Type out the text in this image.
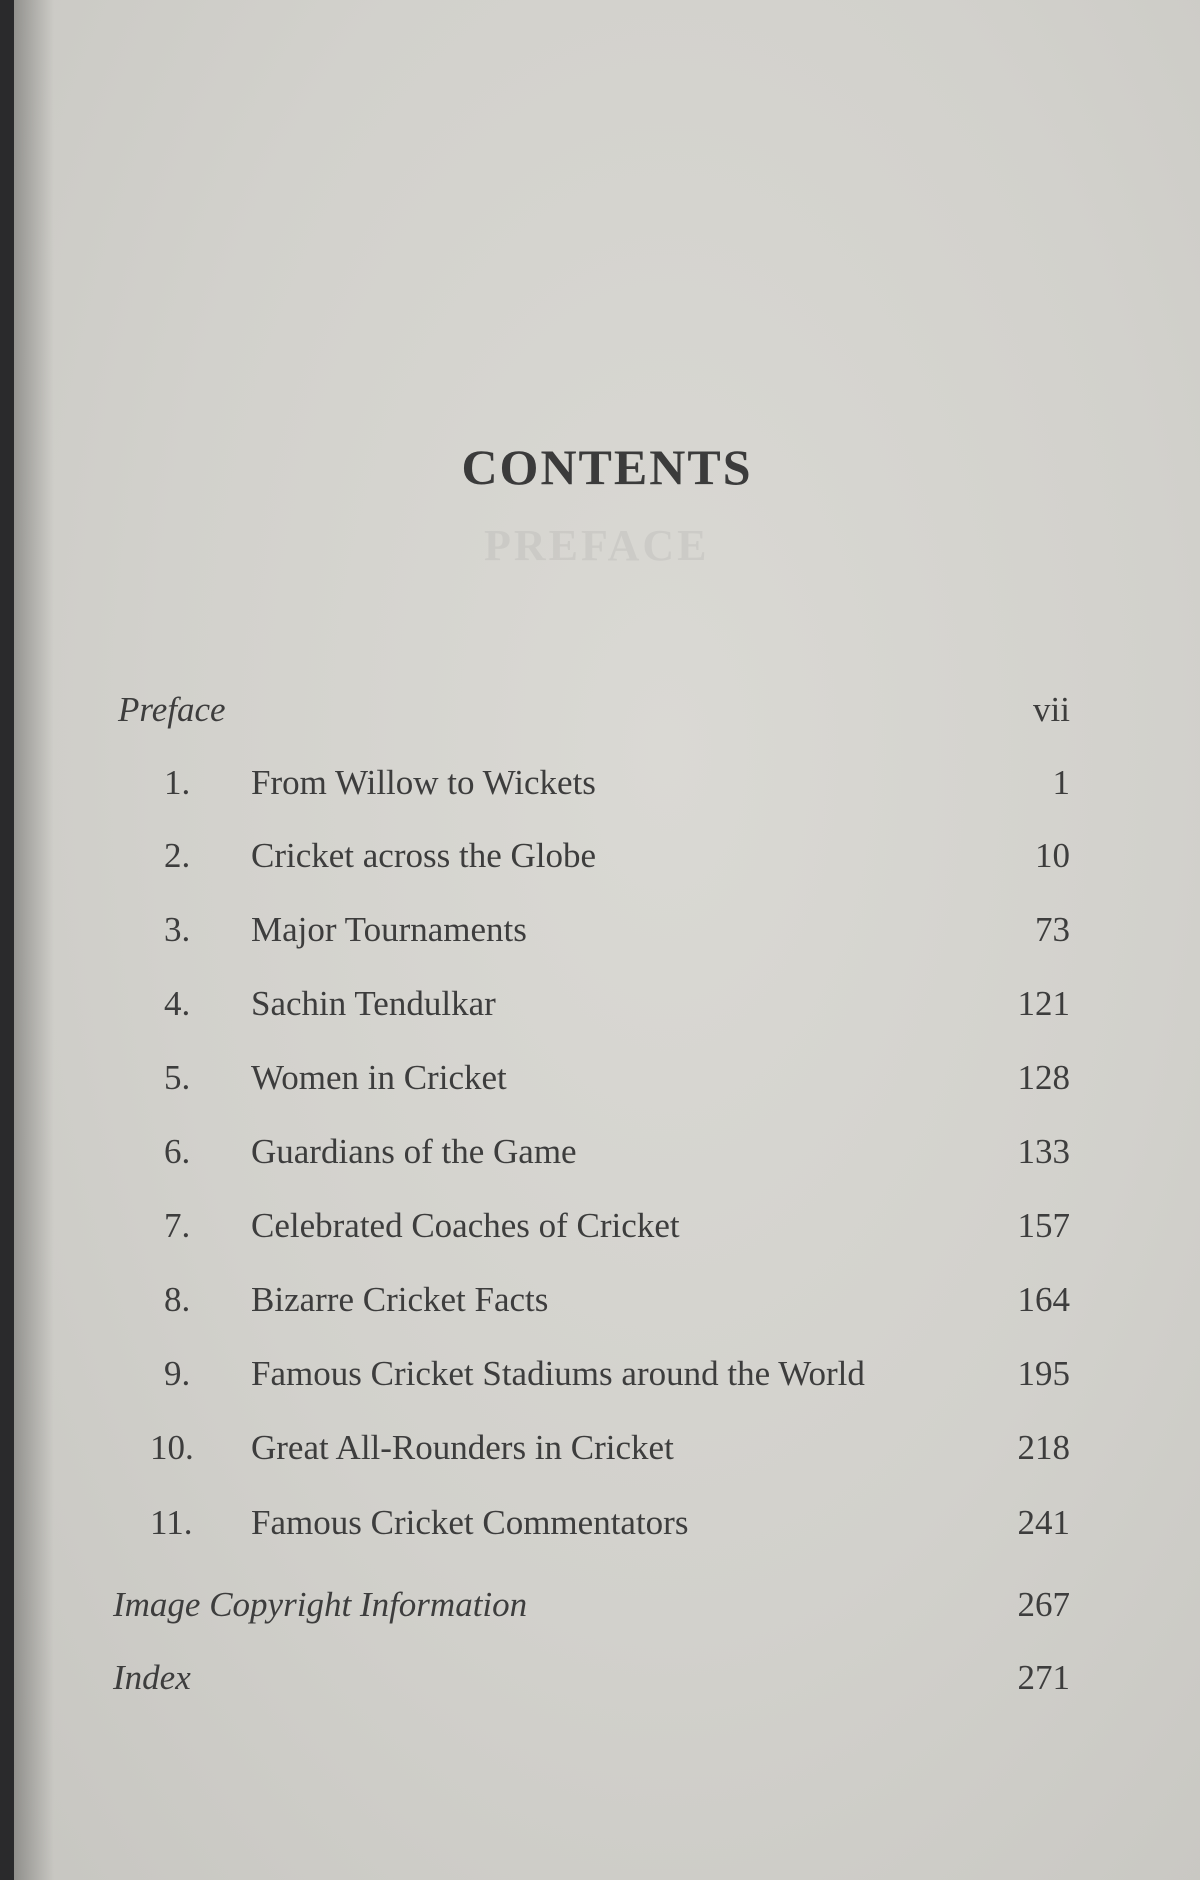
PREFACE
CONTENTS
Preface	vii
1. From Willow to Wickets	1
2. Cricket across the Globe	10
3. Major Tournaments	73
4. Sachin Tendulkar	121
5. Women in Cricket	128
6. Guardians of the Game	133
7. Celebrated Coaches of Cricket	157
8. Bizarre Cricket Facts	164
9. Famous Cricket Stadiums around the World	195
10. Great All-Rounders in Cricket	218
11. Famous Cricket Commentators	241
Image Copyright Information	267
Index	271
